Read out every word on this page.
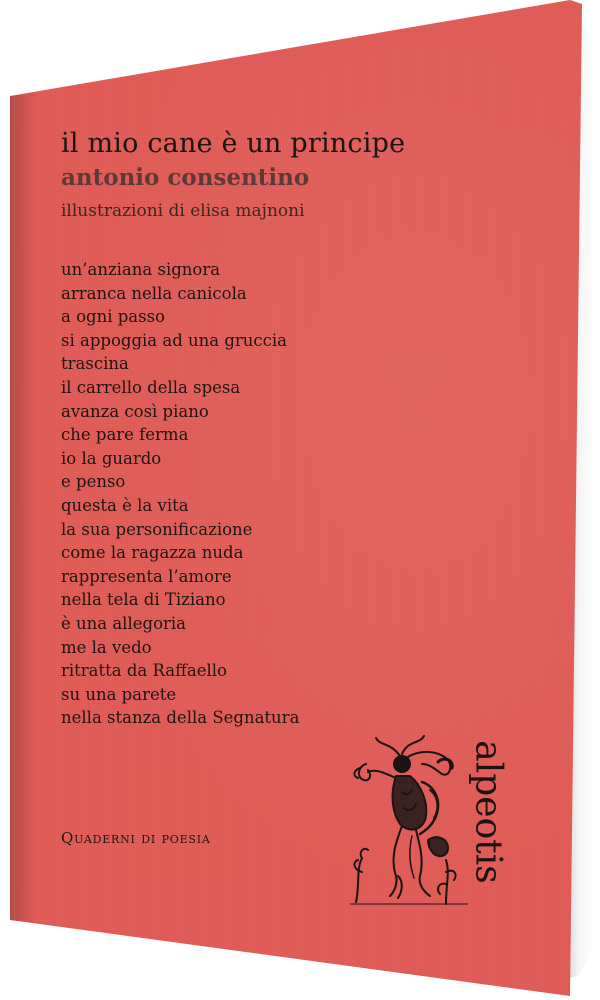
il mio cane è un principe
antonio consentino
illustrazioni di elisa majnoni
un’anziana signora
arranca nella canicola
a ogni passo
si appoggia ad una gruccia
trascina
il carrello della spesa
avanza così piano
che pare ferma
io la guardo
e penso
questa è la vita
la sua personificazione
come la ragazza nuda
rappresenta l’amore
nella tela di Tiziano
è una allegoria
me la vedo
ritratta da Raffaello
su una parete
nella stanza della Segnatura
Quaderni di poesia	alpeotis
